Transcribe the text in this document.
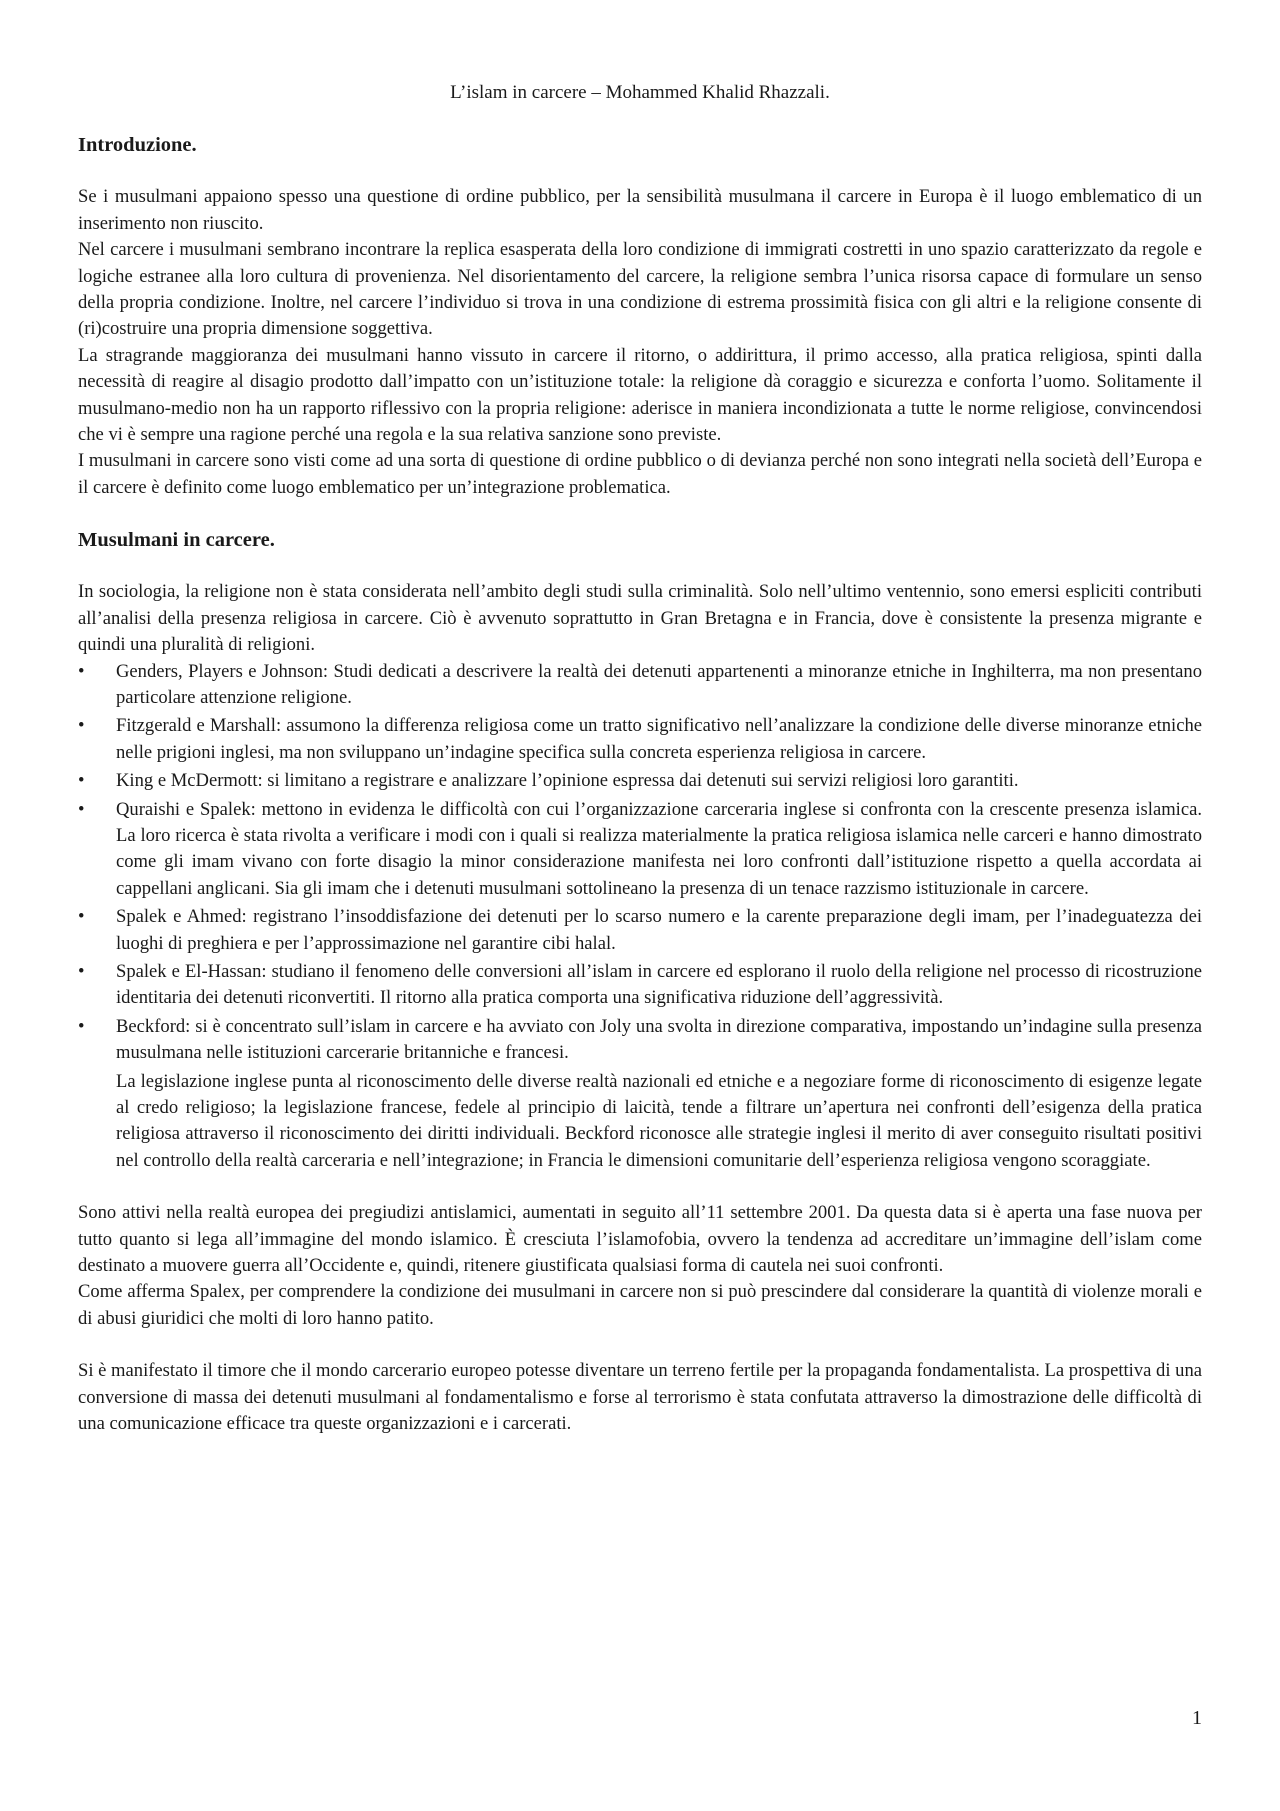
L’islam in carcere – Mohammed Khalid Rhazzali.
Introduzione.

Se i musulmani appaiono spesso una questione di ordine pubblico, per la sensibilità musulmana il carcere in Europa è il luogo emblematico di un inserimento non riuscito.

Nel carcere i musulmani sembrano incontrare la replica esasperata della loro condizione di immigrati costretti in uno spazio caratterizzato da regole e logiche estranee alla loro cultura di provenienza. Nel disorientamento del carcere, la religione sembra l’unica risorsa capace di formulare un senso della propria condizione. Inoltre, nel carcere l’individuo si trova in una condizione di estrema prossimità fisica con gli altri e la religione consente di (ri)costruire una propria dimensione soggettiva.

La stragrande maggioranza dei musulmani hanno vissuto in carcere il ritorno, o addirittura, il primo accesso, alla pratica religiosa, spinti dalla necessità di reagire al disagio prodotto dall’impatto con un’istituzione totale: la religione dà coraggio e sicurezza e conforta l’uomo. Solitamente il musulmano-medio non ha un rapporto riflessivo con la propria religione: aderisce in maniera incondizionata a tutte le norme religiose, convincendosi che vi è sempre una ragione perché una regola e la sua relativa sanzione sono previste.

I musulmani in carcere sono visti come ad una sorta di questione di ordine pubblico o di devianza perché non sono integrati nella società dell’Europa e il carcere è definito come luogo emblematico per un’integrazione problematica.

Musulmani in carcere.

In sociologia, la religione non è stata considerata nell’ambito degli studi sulla criminalità. Solo nell’ultimo ventennio, sono emersi espliciti contributi all’analisi della presenza religiosa in carcere. Ciò è avvenuto soprattutto in Gran Bretagna e in Francia, dove è consistente la presenza migrante e quindi una pluralità di religioni.

•	Genders, Players e Johnson: Studi dedicati a descrivere la realtà dei detenuti appartenenti a minoranze etniche in Inghilterra, ma non presentano particolare attenzione religione.
•	Fitzgerald e Marshall: assumono la differenza religiosa come un tratto significativo nell’analizzare la condizione delle diverse minoranze etniche nelle prigioni inglesi, ma non sviluppano un’indagine specifica sulla concreta esperienza religiosa in carcere.
•	King e McDermott: si limitano a registrare e analizzare l’opinione espressa dai detenuti sui servizi religiosi loro garantiti.
•	Quraishi e Spalek: mettono in evidenza le difficoltà con cui l’organizzazione carceraria inglese si confronta con la crescente presenza islamica. La loro ricerca è stata rivolta a verificare i modi con i quali si realizza materialmente la pratica religiosa islamica nelle carceri e hanno dimostrato come gli imam vivano con forte disagio la minor considerazione manifesta nei loro confronti dall’istituzione rispetto a quella accordata ai cappellani anglicani. Sia gli imam che i detenuti musulmani sottolineano la presenza di un tenace razzismo istituzionale in carcere.
•	Spalek e Ahmed: registrano l’insoddisfazione dei detenuti per lo scarso numero e la carente preparazione degli imam, per l’inadeguatezza dei luoghi di preghiera e per l’approssimazione nel garantire cibi halal.
•	Spalek e El-Hassan: studiano il fenomeno delle conversioni all’islam in carcere ed esplorano il ruolo della religione nel processo di ricostruzione identitaria dei detenuti riconvertiti. Il ritorno alla pratica comporta una significativa riduzione dell’aggressività.
•	Beckford: si è concentrato sull’islam in carcere e ha avviato con Joly una svolta in direzione comparativa, impostando un’indagine sulla presenza musulmana nelle istituzioni carcerarie britanniche e francesi.

La legislazione inglese punta al riconoscimento delle diverse realtà nazionali ed etniche e a negoziare forme di riconoscimento di esigenze legate al credo religioso; la legislazione francese, fedele al principio di laicità, tende a filtrare un’apertura nei confronti dell’esigenza della pratica religiosa attraverso il riconoscimento dei diritti individuali. Beckford riconosce alle strategie inglesi il merito di aver conseguito risultati positivi nel controllo della realtà carceraria e nell’integrazione; in Francia le dimensioni comunitarie dell’esperienza religiosa vengono scoraggiate.

Sono attivi nella realtà europea dei pregiudizi antislamici, aumentati in seguito all’11 settembre 2001. Da questa data si è aperta una fase nuova per tutto quanto si lega all’immagine del mondo islamico. È cresciuta l’islamofobia, ovvero la tendenza ad accreditare un’immagine dell’islam come destinato a muovere guerra all’Occidente e, quindi, ritenere giustificata qualsiasi forma di cautela nei suoi confronti.

Come afferma Spalex, per comprendere la condizione dei musulmani in carcere non si può prescindere dal considerare la quantità di violenze morali e di abusi giuridici che molti di loro hanno patito.

Si è manifestato il timore che il mondo carcerario europeo potesse diventare un terreno fertile per la propaganda fondamentalista. La prospettiva di una conversione di massa dei detenuti musulmani al fondamentalismo e forse al terrorismo è stata confutata attraverso la dimostrazione delle difficoltà di una comunicazione efficace tra queste organizzazioni e i carcerati.

1
